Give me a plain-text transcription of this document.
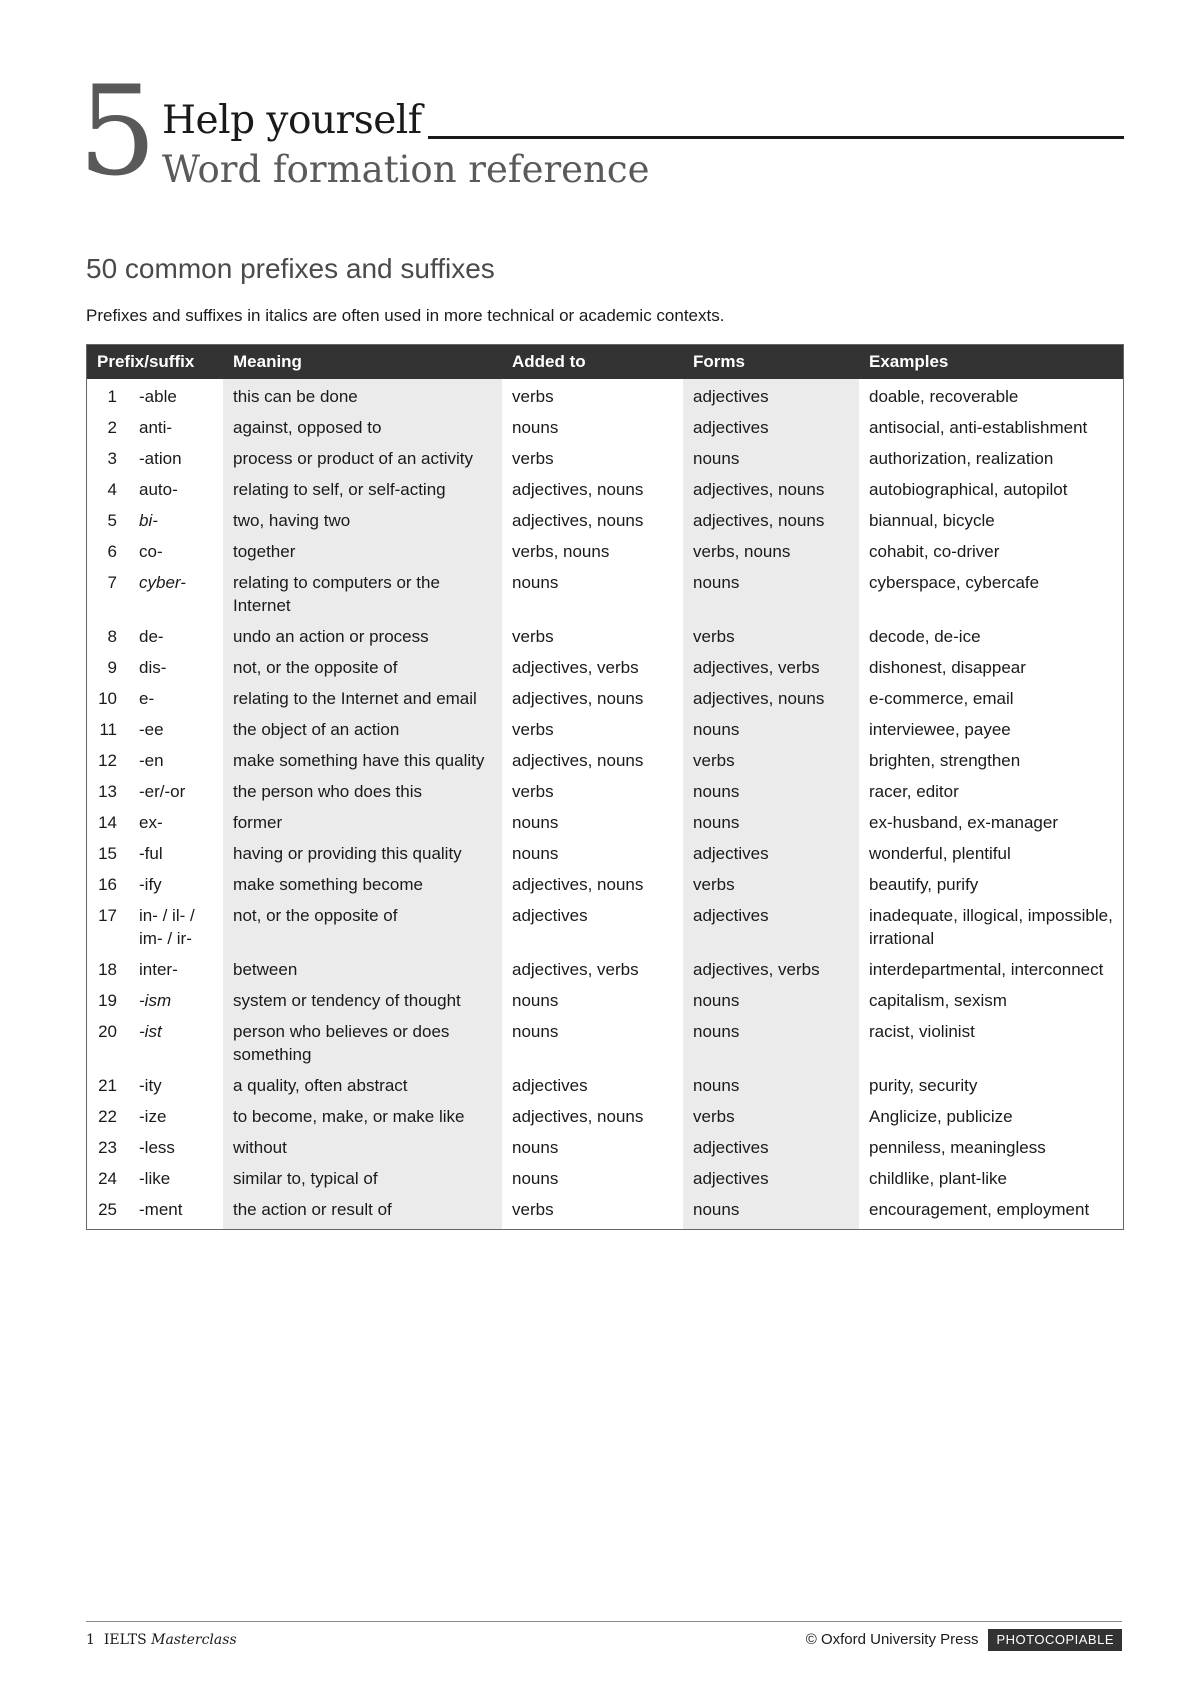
5 Help yourself
Word formation reference
50 common prefixes and suffixes
Prefixes and suffixes in italics are often used in more technical or academic contexts.
Prefix/suffix		Meaning	Added to	Forms	Examples
1	-able	this can be done	verbs	adjectives	doable, recoverable
2	anti-	against, opposed to	nouns	adjectives	antisocial, anti-establishment
3	-ation	process or product of an activity	verbs	nouns	authorization, realization
4	auto-	relating to self, or self-acting	adjectives, nouns	adjectives, nouns	autobiographical, autopilot
5	bi-	two, having two	adjectives, nouns	adjectives, nouns	biannual, bicycle
6	co-	together	verbs, nouns	verbs, nouns	cohabit, co-driver
7	cyber-	relating to computers or the Internet	nouns	nouns	cyberspace, cybercafe
8	de-	undo an action or process	verbs	verbs	decode, de-ice
9	dis-	not, or the opposite of	adjectives, verbs	adjectives, verbs	dishonest, disappear
10	e-	relating to the Internet and email	adjectives, nouns	adjectives, nouns	e-commerce, email
11	-ee	the object of an action	verbs	nouns	interviewee, payee
12	-en	make something have this quality	adjectives, nouns	verbs	brighten, strengthen
13	-er/-or	the person who does this	verbs	nouns	racer, editor
14	ex-	former	nouns	nouns	ex-husband, ex-manager
15	-ful	having or providing this quality	nouns	adjectives	wonderful, plentiful
16	-ify	make something become	adjectives, nouns	verbs	beautify, purify
17	in- / il- / im- / ir-	not, or the opposite of	adjectives	adjectives	inadequate, illogical, impossible, irrational
18	inter-	between	adjectives, verbs	adjectives, verbs	interdepartmental, interconnect
19	-ism	system or tendency of thought	nouns	nouns	capitalism, sexism
20	-ist	person who believes or does something	nouns	nouns	racist, violinist
21	-ity	a quality, often abstract	adjectives	nouns	purity, security
22	-ize	to become, make, or make like	adjectives, nouns	verbs	Anglicize, publicize
23	-less	without	nouns	adjectives	penniless, meaningless
24	-like	similar to, typical of	nouns	adjectives	childlike, plant-like
25	-ment	the action or result of	verbs	nouns	encouragement, employment
1 IELTS Masterclass	© Oxford University Press	PHOTOCOPIABLE
